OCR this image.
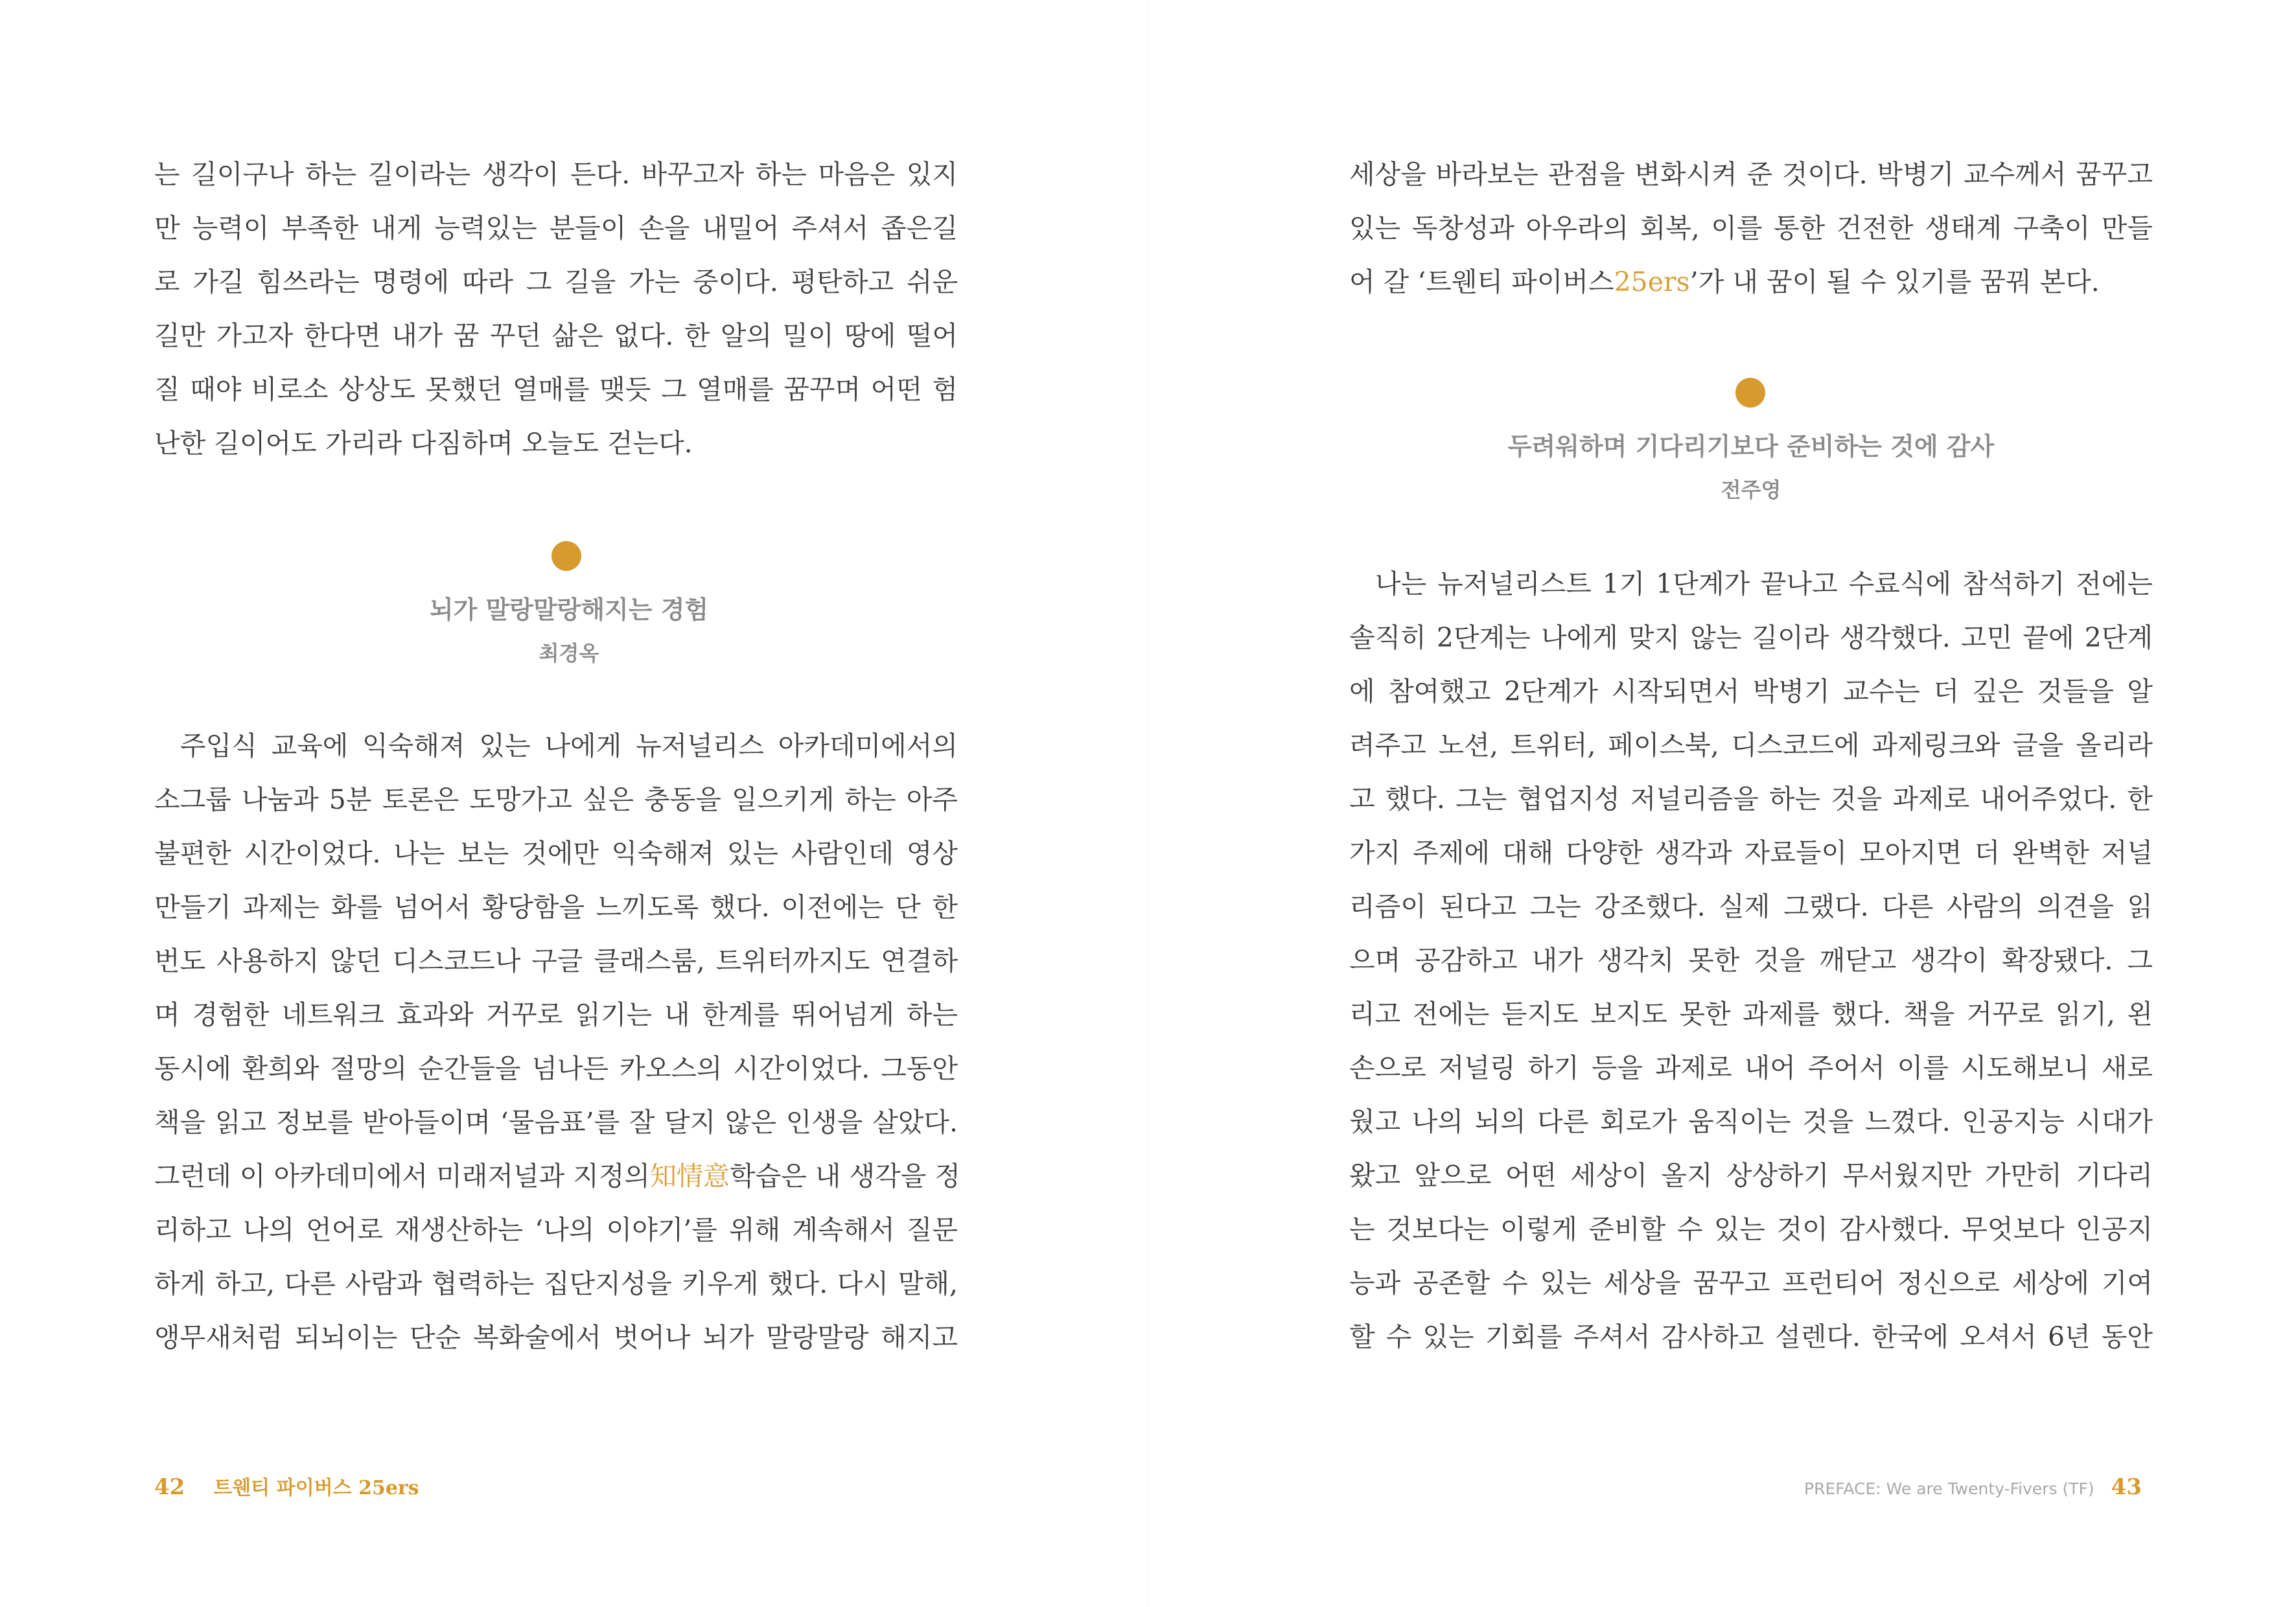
는 길이구나 하는 길이라는 생각이 든다. 바꾸고자 하는 마음은 있지
만 능력이 부족한 내게 능력있는 분들이 손을 내밀어 주셔서 좁은길
로 가길 힘쓰라는 명령에 따라 그 길을 가는 중이다. 평탄하고 쉬운
길만 가고자 한다면 내가 꿈 꾸던 삶은 없다. 한 알의 밀이 땅에 떨어
질 때야 비로소 상상도 못했던 열매를 맺듯 그 열매를 꿈꾸며 어떤 험
난한 길이어도 가리라 다짐하며 오늘도 걷는다.
뇌가 말랑말랑해지는 경험
최경옥
주입식 교육에 익숙해져 있는 나에게 뉴저널리스 아카데미에서의
소그룹 나눔과 5분 토론은 도망가고 싶은 충동을 일으키게 하는 아주
불편한 시간이었다. 나는 보는 것에만 익숙해져 있는 사람인데 영상
만들기 과제는 화를 넘어서 황당함을 느끼도록 했다. 이전에는 단 한
번도 사용하지 않던 디스코드나 구글 클래스룸, 트위터까지도 연결하
며 경험한 네트워크 효과와 거꾸로 읽기는 내 한계를 뛰어넘게 하는
동시에 환희와 절망의 순간들을 넘나든 카오스의 시간이었다. 그동안
책을 읽고 정보를 받아들이며 ‘물음표’를 잘 달지 않은 인생을 살았다.
그런데 이 아카데미에서 미래저널과 지정의知情意학습은 내 생각을 정
리하고 나의 언어로 재생산하는 ‘나의 이야기’를 위해 계속해서 질문
하게 하고, 다른 사람과 협력하는 집단지성을 키우게 했다. 다시 말해,
앵무새처럼 되뇌이는 단순 복화술에서 벗어나 뇌가 말랑말랑 해지고
42 트웬티 파이버스 25ers
세상을 바라보는 관점을 변화시켜 준 것이다. 박병기 교수께서 꿈꾸고
있는 독창성과 아우라의 회복, 이를 통한 건전한 생태계 구축이 만들
어 갈 ‘트웬티 파이버스25ers’가 내 꿈이 될 수 있기를 꿈꿔 본다.
두려워하며 기다리기보다 준비하는 것에 감사
전주영
나는 뉴저널리스트 1기 1단계가 끝나고 수료식에 참석하기 전에는
솔직히 2단계는 나에게 맞지 않는 길이라 생각했다. 고민 끝에 2단계
에 참여했고 2단계가 시작되면서 박병기 교수는 더 깊은 것들을 알
려주고 노션, 트위터, 페이스북, 디스코드에 과제링크와 글을 올리라
고 했다. 그는 협업지성 저널리즘을 하는 것을 과제로 내어주었다. 한
가지 주제에 대해 다양한 생각과 자료들이 모아지면 더 완벽한 저널
리즘이 된다고 그는 강조했다. 실제 그랬다. 다른 사람의 의견을 읽
으며 공감하고 내가 생각치 못한 것을 깨닫고 생각이 확장됐다. 그
리고 전에는 듣지도 보지도 못한 과제를 했다. 책을 거꾸로 읽기, 왼
손으로 저널링 하기 등을 과제로 내어 주어서 이를 시도해보니 새로
웠고 나의 뇌의 다른 회로가 움직이는 것을 느꼈다. 인공지능 시대가
왔고 앞으로 어떤 세상이 올지 상상하기 무서웠지만 가만히 기다리
는 것보다는 이렇게 준비할 수 있는 것이 감사했다. 무엇보다 인공지
능과 공존할 수 있는 세상을 꿈꾸고 프런티어 정신으로 세상에 기여
할 수 있는 기회를 주셔서 감사하고 설렌다. 한국에 오셔서 6년 동안
PREFACE: We are Twenty-Fivers (TF) 43
